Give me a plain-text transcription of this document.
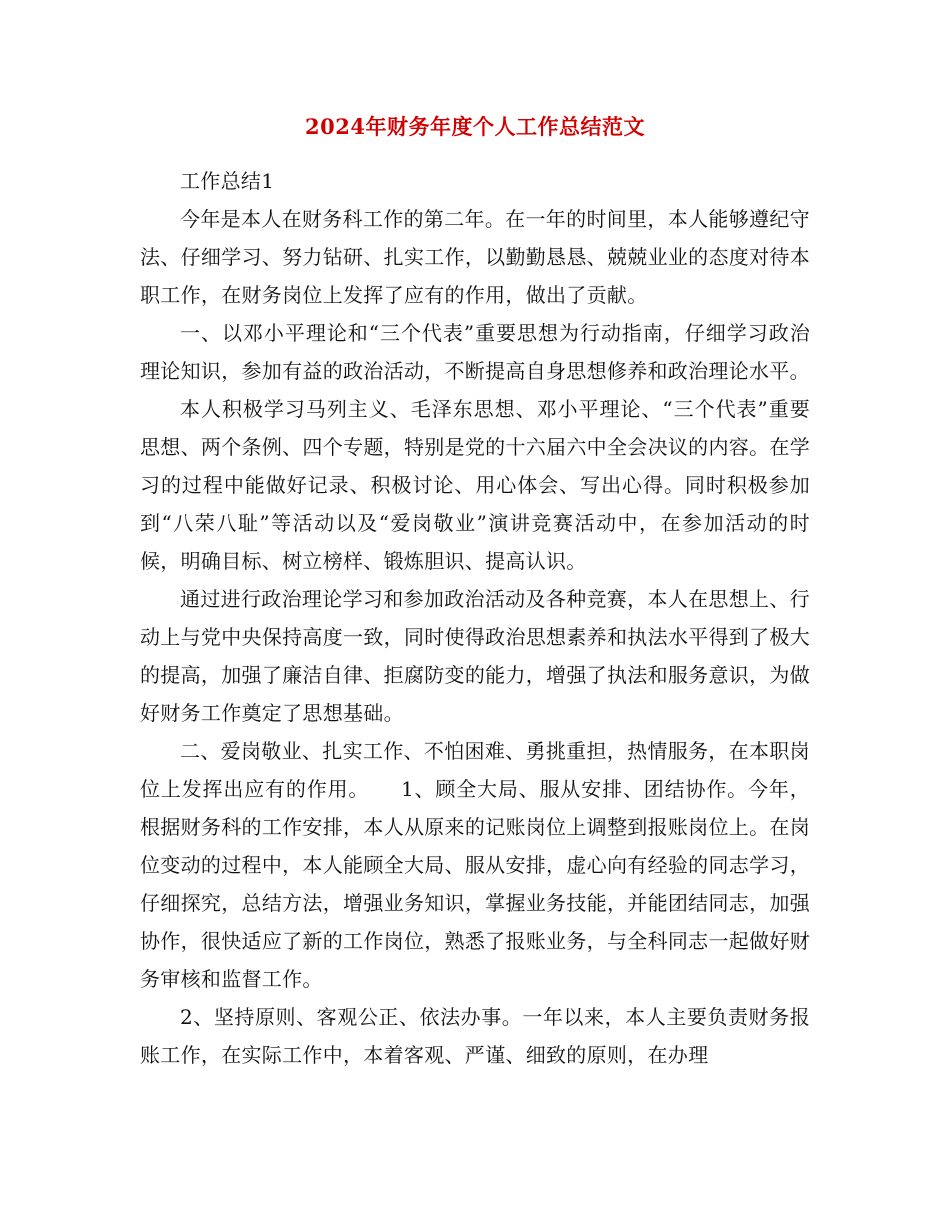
2024年财务年度个人工作总结范文

工作总结1

今年是本人在财务科工作的第二年。在一年的时间里，本人能够遵纪守法、仔细学习、努力钻研、扎实工作，以勤勤恳恳、兢兢业业的态度对待本职工作，在财务岗位上发挥了应有的作用，做出了贡献。

一、以邓小平理论和“三个代表”重要思想为行动指南，仔细学习政治理论知识，参加有益的政治活动，不断提高自身思想修养和政治理论水平。

本人积极学习马列主义、毛泽东思想、邓小平理论、“三个代表”重要思想、两个条例、四个专题，特别是党的十六届六中全会决议的内容。在学习的过程中能做好记录、积极讨论、用心体会、写出心得。同时积极参加到“八荣八耻”等活动以及“爱岗敬业”演讲竞赛活动中，在参加活动的时候，明确目标、树立榜样、锻炼胆识、提高认识。

通过进行政治理论学习和参加政治活动及各种竞赛，本人在思想上、行动上与党中央保持高度一致，同时使得政治思想素养和执法水平得到了极大的提高，加强了廉洁自律、拒腐防变的能力，增强了执法和服务意识，为做好财务工作奠定了思想基础。

二、爱岗敬业、扎实工作、不怕困难、勇挑重担，热情服务，在本职岗位上发挥出应有的作用。　　1、顾全大局、服从安排、团结协作。今年，根据财务科的工作安排，本人从原来的记账岗位上调整到报账岗位上。在岗位变动的过程中，本人能顾全大局、服从安排，虚心向有经验的同志学习，仔细探究，总结方法，增强业务知识，掌握业务技能，并能团结同志，加强协作，很快适应了新的工作岗位，熟悉了报账业务，与全科同志一起做好财务审核和监督工作。

2、坚持原则、客观公正、依法办事。一年以来，本人主要负责财务报账工作，在实际工作中，本着客观、严谨、细致的原则，在办理
